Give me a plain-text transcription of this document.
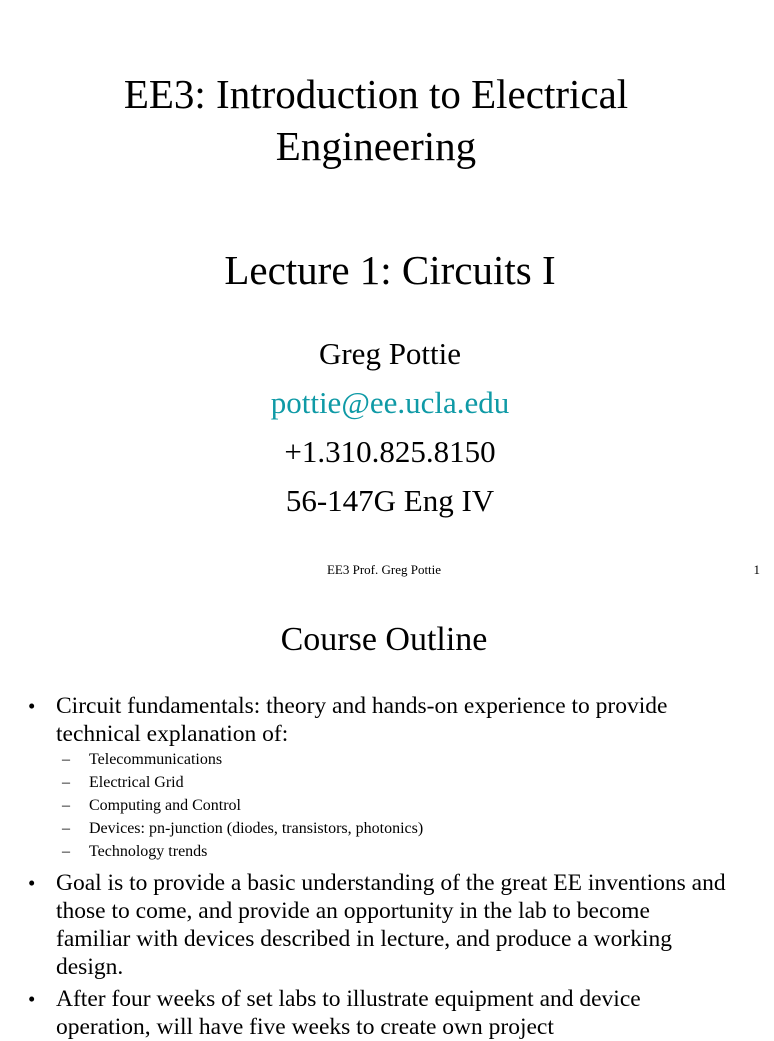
EE3: Introduction to Electrical
Engineering
Lecture 1: Circuits I

Greg Pottie

pottie@ee.ucla.edu

+1.310.825.8150

56-147G Eng IV

EE3 Prof. Greg Pottie	1

Course Outline
• Circuit fundamentals: theory and hands-on experience to provide technical explanation of:
• Goal is to provide a basic understanding of the great EE inventions and those to come, and provide an opportunity in the lab to become familiar with devices described in lecture, and produce a working design.
• After four weeks of set labs to illustrate equipment and device operation, will have five weeks to create own project
– Telecommunications
– Electrical Grid
– Computing and Control
– Devices: pn-junction (diodes, transistors, photonics)
– Technology trends
